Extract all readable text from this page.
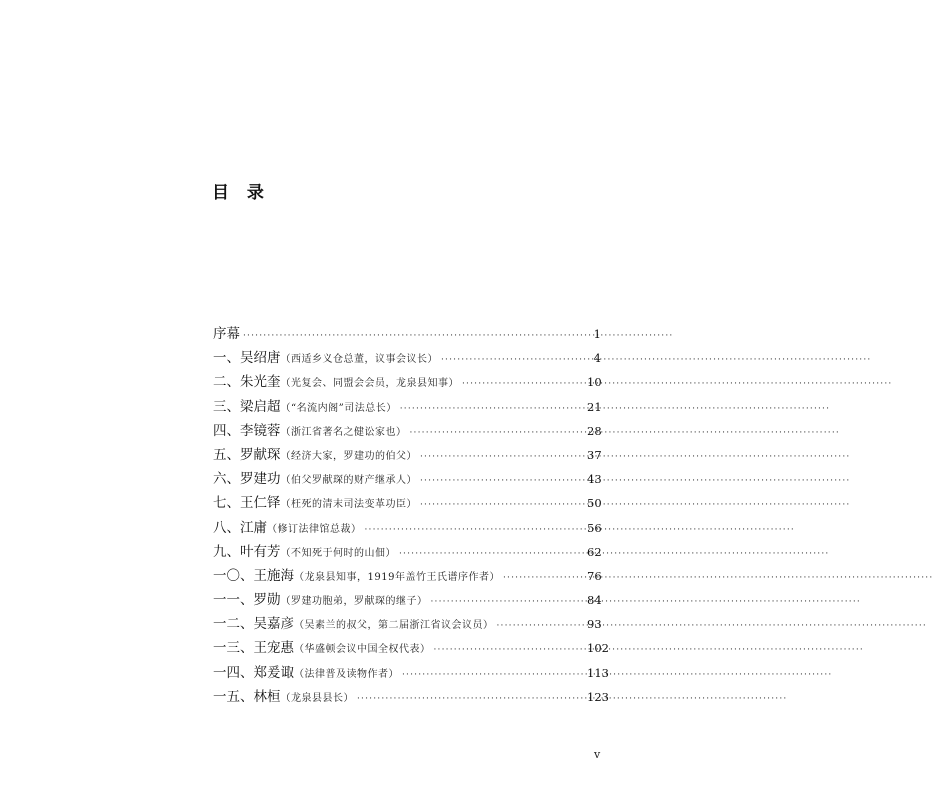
目 录
序幕 ·····	1
一、吴绍唐 （西适乡义仓总董，议事会议长） ·····	4
二、朱光奎 （光复会、同盟会会员，龙泉县知事） ·····	10
三、梁启超 （“名流内阁”司法总长） ·····	21
四、李镜蓉 （浙江省著名之健讼家也） ·····	28
五、罗献琛 （经济大家，罗建功的伯父） ·····	37
六、罗建功 （伯父罗献琛的财产继承人） ·····	43
七、王仁铎 （枉死的清末司法变革功臣） ·····	50
八、江庸 （修订法律馆总裁） ·····	56
九、叶有芳 （不知死于何时的山佃） ·····	62
一〇、王施海 （龙泉县知事，1919年盖竹王氏谱序作者） ·····	76
一一、罗勋 （罗建功胞弟，罗献琛的继子） ·····	84
一二、吴嘉彦 （吴素兰的叔父，第二届浙江省议会议员） ·····	93
一三、王宠惠 （华盛顿会议中国全权代表） ·····	102
一四、郑爰诹 （法律普及读物作者） ·····	113
一五、林桓 （龙泉县县长） ·····	123
v
